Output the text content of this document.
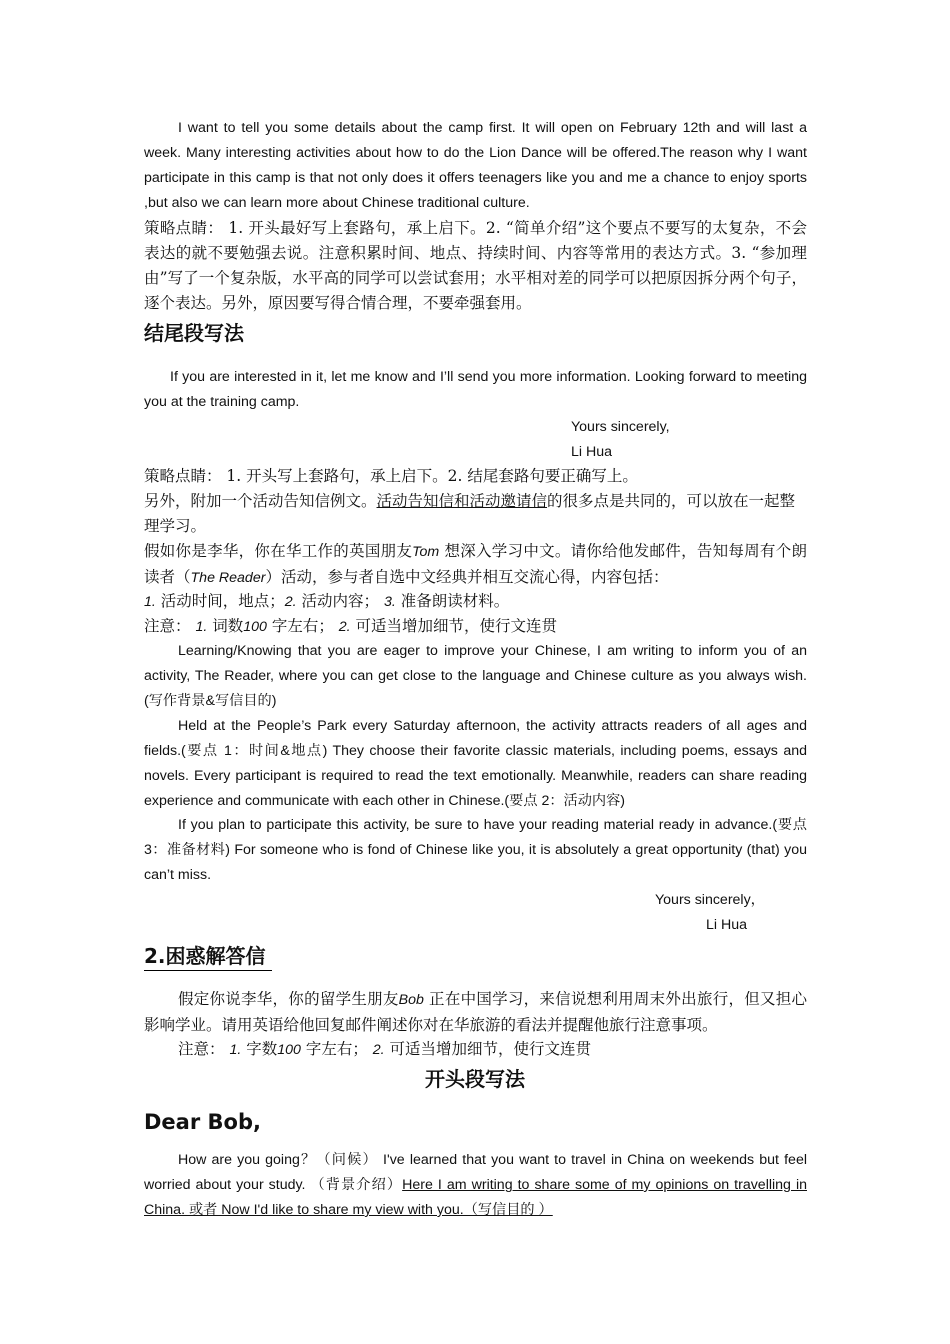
I want to tell you some details about the camp first. It will open on February 12th and will last a week. Many interesting activities about how to do the Lion Dance will be offered.The reason why I want participate in this camp is that not only does it offers teenagers like you and me a chance to enjoy sports ,but also we can learn more about Chinese traditional culture.
策略点睛： 1. 开头最好写上套路句，承上启下。2. “简单介绍”这个要点不要写的太复杂，不会表达的就不要勉强去说。注意积累时间、地点、持续时间、内容等常用的表达方式。3. “参加理由”写了一个复杂版，水平高的同学可以尝试套用；水平相对差的同学可以把原因拆分两个句子，逐个表达。另外，原因要写得合情合理，不要牵强套用。
结尾段写法
If you are interested in it, let me know and I’ll send you more information. Looking forward to meeting you at the training camp.
Yours sincerely,
Li Hua
策略点睛： 1. 开头写上套路句，承上启下。2. 结尾套路句要正确写上。
另外，附加一个活动告知信例文。活动告知信和活动邀请信的很多点是共同的，可以放在一起整理学习。
假如你是李华，你在华工作的英国朋友Tom 想深入学习中文。请你给他发邮件，告知每周有个朗读者（The Reader）活动，参与者自选中文经典并相互交流心得，内容包括：
1. 活动时间，地点；2. 活动内容； 3. 准备朗读材料。
注意： 1. 词数100 字左右； 2. 可适当增加细节，使行文连贯
Learning/Knowing that you are eager to improve your Chinese, I am writing to inform you of an activity, The Reader, where you can get close to the language and Chinese culture as you always wish.(写作背景&写信目的)
Held at the People’s Park every Saturday afternoon, the activity attracts readers of all ages and fields.(要点 1：时间&地点) They choose their favorite classic materials, including poems, essays and novels. Every participant is required to read the text emotionally. Meanwhile, readers can share reading experience and communicate with each other in Chinese.(要点 2：活动内容)
If you plan to participate this activity, be sure to have your reading material ready in advance.(要点 3：准备材料) For someone who is fond of Chinese like you, it is absolutely a great opportunity (that) you can’t miss.
Yours sincerely，
Li Hua
2.困惑解答信
假定你说李华，你的留学生朋友Bob 正在中国学习，来信说想利用周末外出旅行，但又担心影响学业。请用英语给他回复邮件阐述你对在华旅游的看法并提醒他旅行注意事项。
注意： 1. 字数100 字左右； 2. 可适当增加细节，使行文连贯
开头段写法
Dear Bob,
How are you going？（问候） I've learned that you want to travel in China on weekends but feel worried about your study. （背景介绍）Here I am writing to share some of my opinions on travelling in China. 或者 Now I'd like to share my view with you.（写信目的 ）
